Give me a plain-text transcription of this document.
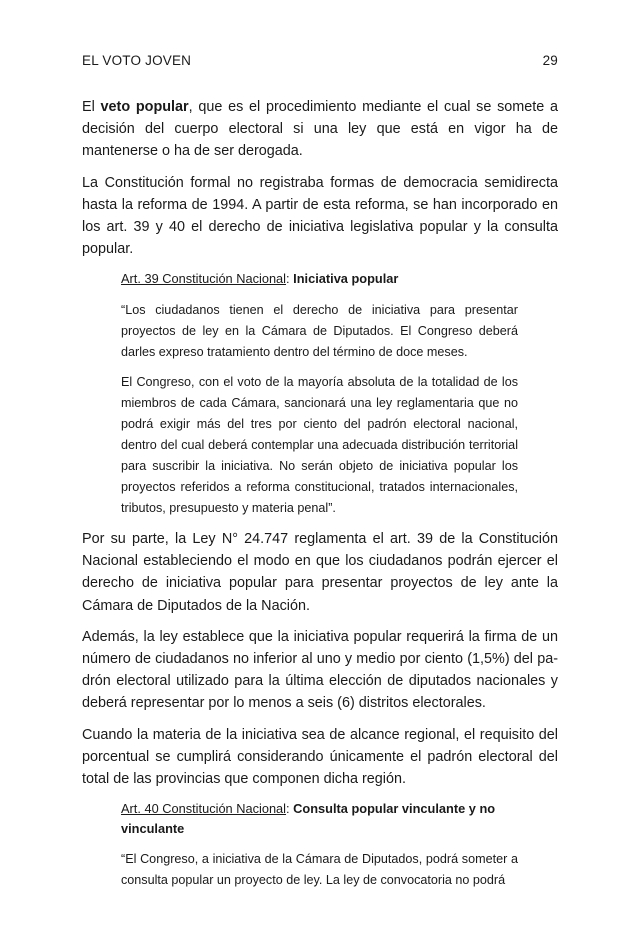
EL VOTO JOVEN	29

El veto popular, que es el procedimiento mediante el cual se somete a decisión del cuerpo electoral si una ley que está en vigor ha de mantenerse o ha de ser derogada.

La Constitución formal no registraba formas de democracia semidirecta hasta la reforma de 1994. A partir de esta reforma, se han incorporado en los art. 39 y 40 el derecho de iniciativa legislativa popular y la consulta popular.

Art. 39 Constitución Nacional: Iniciativa popular

“Los ciudadanos tienen el derecho de iniciativa para presentar proyectos de ley en la Cámara de Diputados. El Congreso deberá darles expreso tratamiento dentro del término de doce meses.

El Congreso, con el voto de la mayoría absoluta de la totalidad de los miembros de cada Cámara, sancionará una ley reglamentaria que no podrá exigir más del tres por ciento del padrón electoral nacional, dentro del cual deberá contemplar una adecuada distribución territorial para suscribir la iniciativa. No serán objeto de iniciativa popular los proyectos referidos a reforma constitucional, tratados internacionales, tributos, presupuesto y materia penal”.

Por su parte, la Ley N° 24.747 reglamenta el art. 39 de la Constitución Nacional estableciendo el modo en que los ciudadanos podrán ejercer el derecho de iniciativa popular para presentar proyectos de ley ante la Cámara de Diputados de la Nación.

Además, la ley establece que la iniciativa popular requerirá la firma de un número de ciudadanos no inferior al uno y medio por ciento (1,5%) del padrón electoral utilizado para la última elección de diputados nacionales y deberá representar por lo menos a seis (6) distritos electorales.

Cuando la materia de la iniciativa sea de alcance regional, el requisito del porcentual se cumplirá considerando únicamente el padrón electoral del total de las provincias que componen dicha región.

Art. 40 Constitución Nacional: Consulta popular vinculante y no vinculante

“El Congreso, a iniciativa de la Cámara de Diputados, podrá someter a consulta popular un proyecto de ley. La ley de convocatoria no podrá
